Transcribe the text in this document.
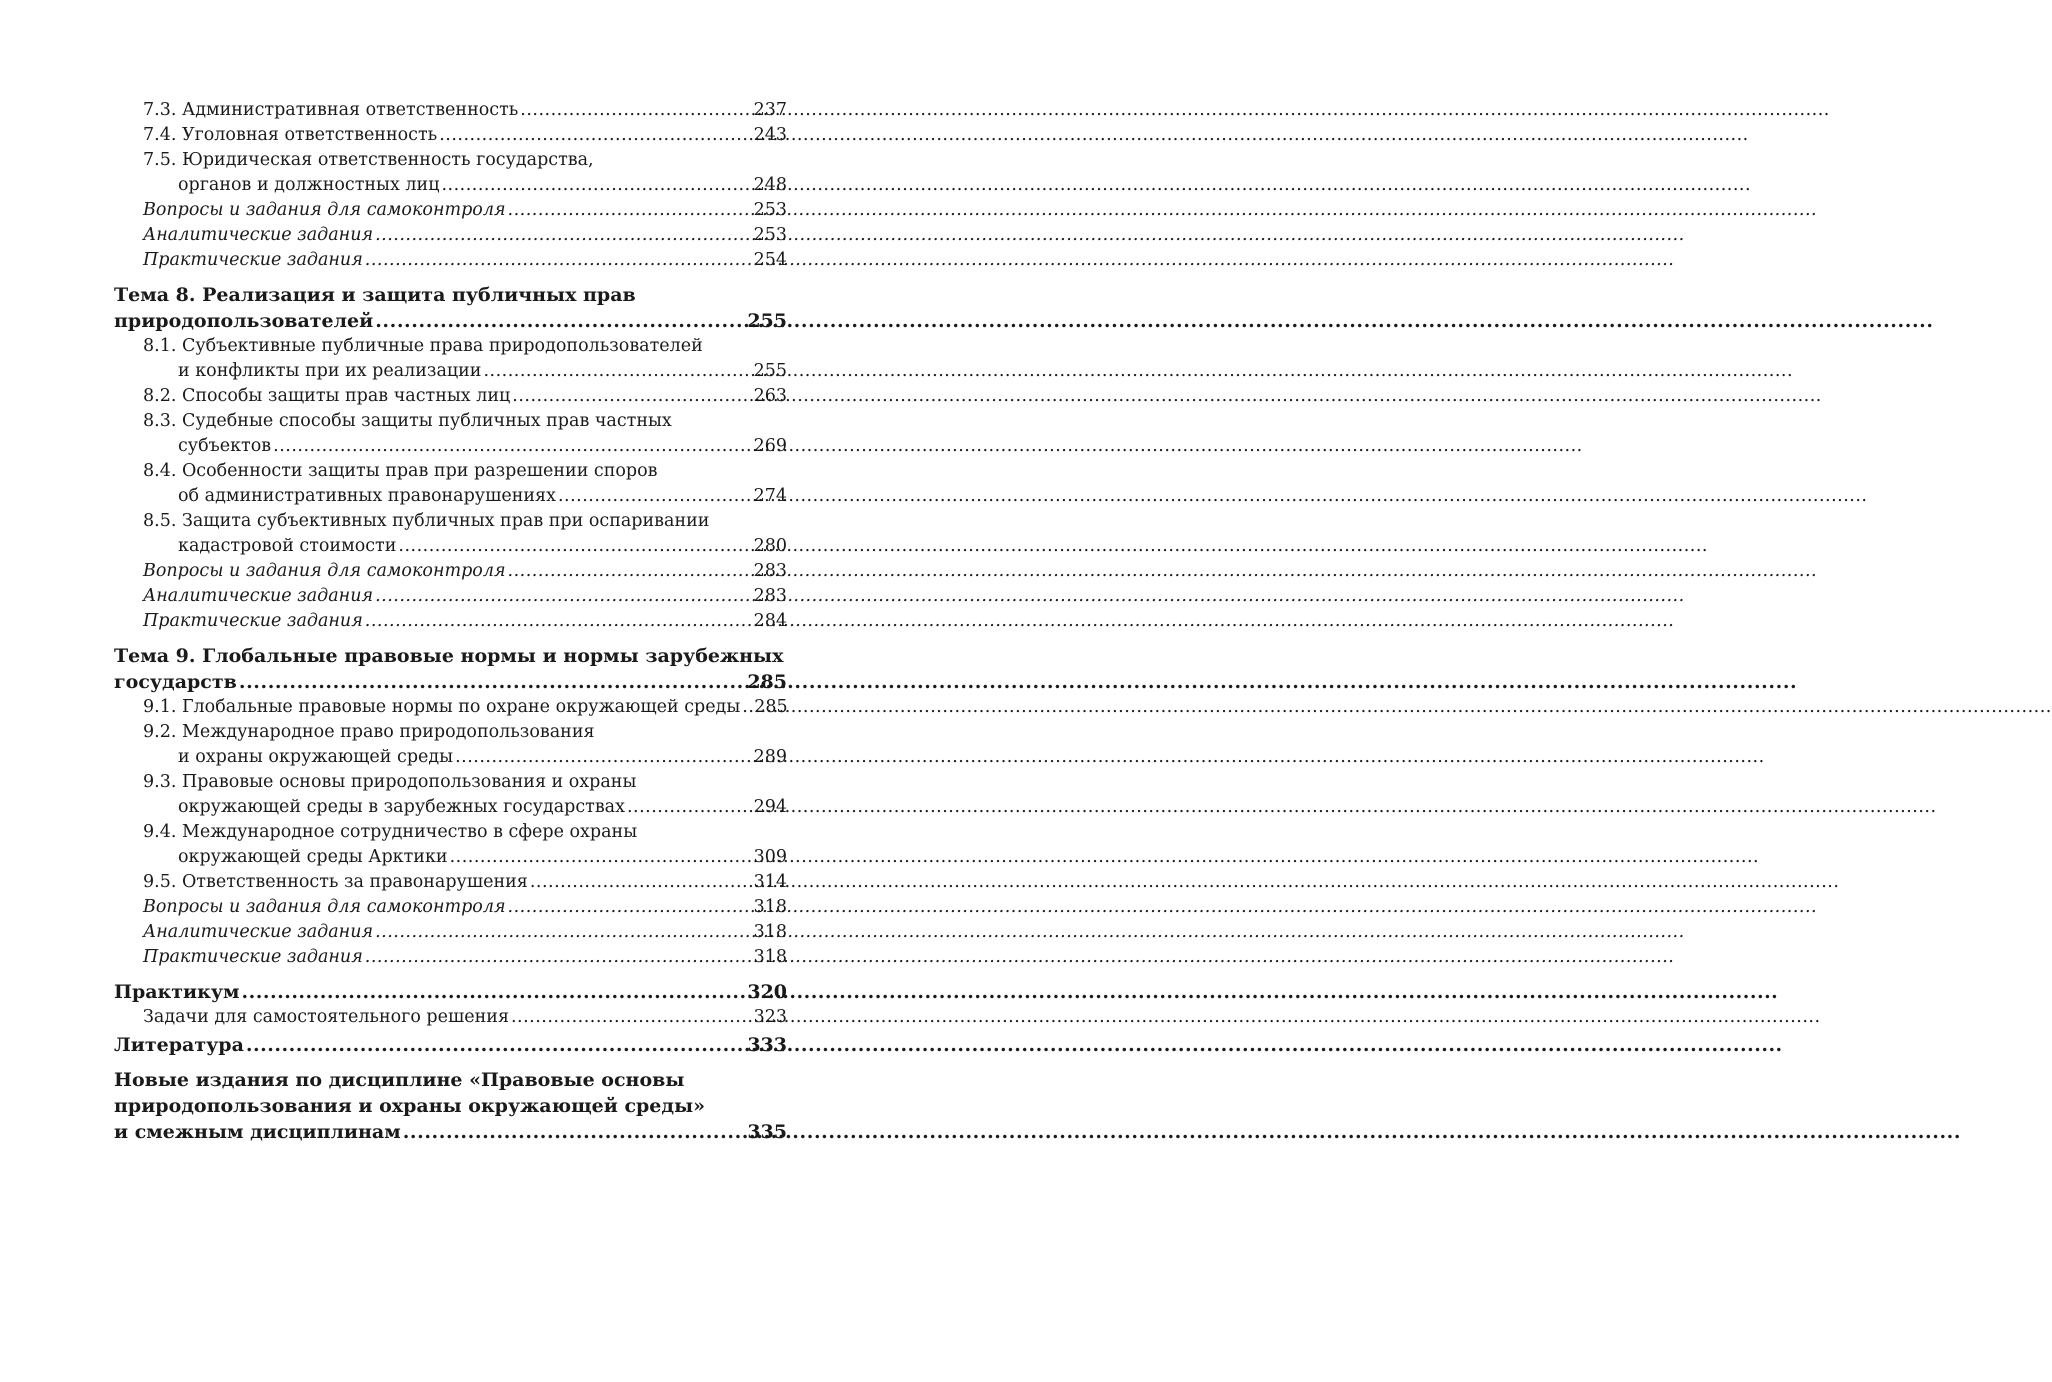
7.3. Административная ответственность .....	237
7.4. Уголовная ответственность .....	243
7.5. Юридическая ответственность государства,
органов и должностных лиц .....	248
Вопросы и задания для самоконтроля .....	253
Аналитические задания .....	253
Практические задания .....	254
Тема 8. Реализация и защита публичных прав
природопользователей .....	255
8.1. Субъективные публичные права природопользователей
и конфликты при их реализации .....	255
8.2. Способы защиты прав частных лиц .....	263
8.3. Судебные способы защиты публичных прав частных
субъектов .....	269
8.4. Особенности защиты прав при разрешении споров
об административных правонарушениях .....	274
8.5. Защита субъективных публичных прав при оспаривании
кадастровой стоимости .....	280
Вопросы и задания для самоконтроля .....	283
Аналитические задания .....	283
Практические задания .....	284
Тема 9. Глобальные правовые нормы и нормы зарубежных
государств .....	285
9.1. Глобальные правовые нормы по охране окружающей среды ..... 285
9.2. Международное право природопользования
и охраны окружающей среды .....	289
9.3. Правовые основы природопользования и охраны
окружающей среды в зарубежных государствах .....	294
9.4. Международное сотрудничество в сфере охраны
окружающей среды Арктики .....	309
9.5. Ответственность за правонарушения .....	314
Вопросы и задания для самоконтроля .....	318
Аналитические задания .....	318
Практические задания .....	318
Практикум .....	320
Задачи для самостоятельного решения .....	323
Литература .....	333
Новые издания по дисциплине «Правовые основы
природопользования и охраны окружающей среды»
и смежным дисциплинам .....	335
